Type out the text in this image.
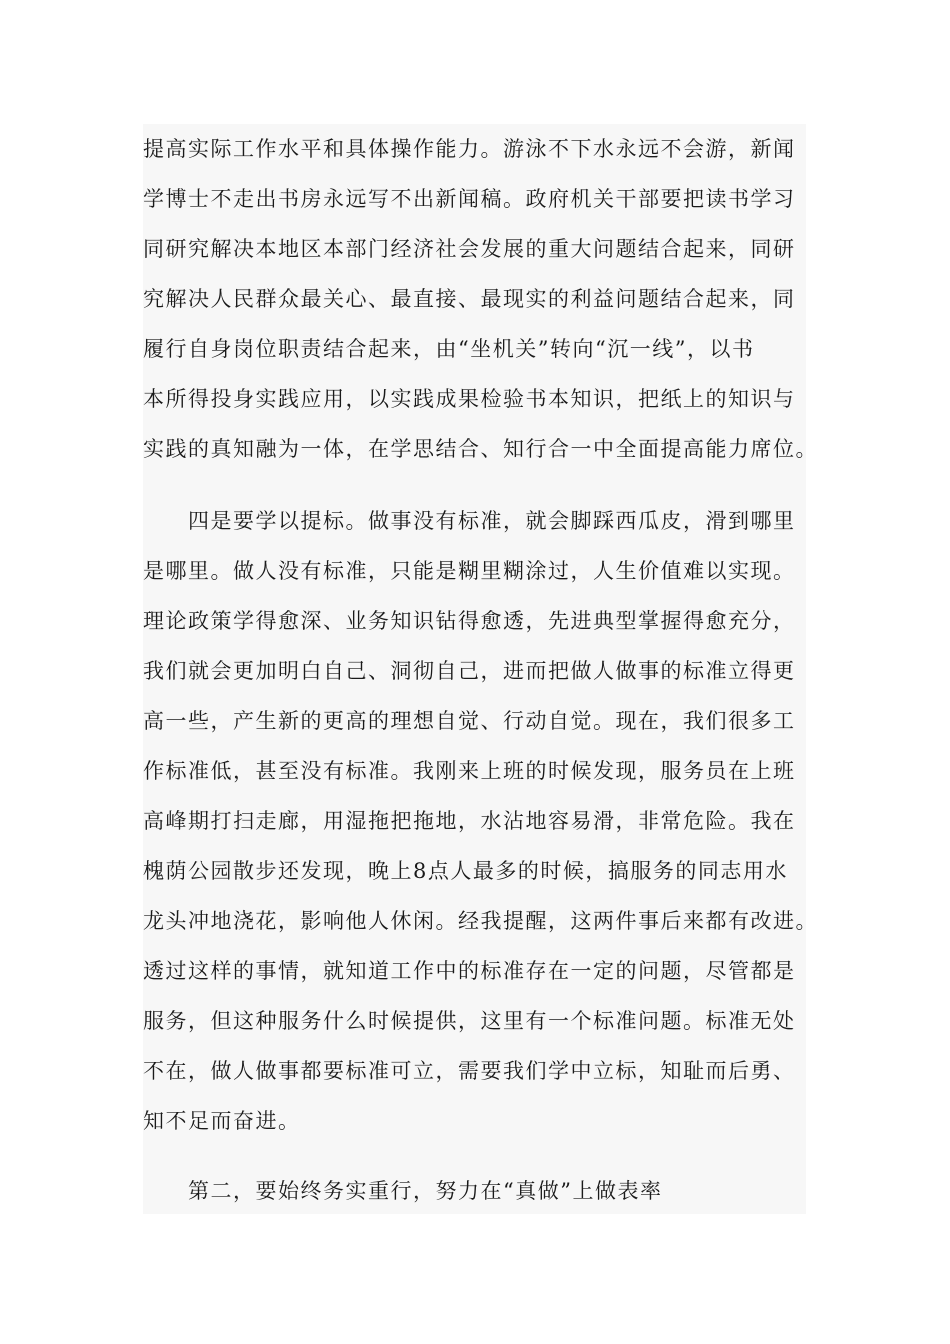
提高实际工作水平和具体操作能力。游泳不下水永远不会游，新闻
学博士不走出书房永远写不出新闻稿。政府机关干部要把读书学习
同研究解决本地区本部门经济社会发展的重大问题结合起来，同研
究解决人民群众最关心、最直接、最现实的利益问题结合起来，同
履行自身岗位职责结合起来，由“坐机关”转向“沉一线”，以书
本所得投身实践应用，以实践成果检验书本知识，把纸上的知识与
实践的真知融为一体，在学思结合、知行合一中全面提高能力席位。
四是要学以提标。做事没有标准，就会脚踩西瓜皮，滑到哪里
是哪里。做人没有标准，只能是糊里糊涂过，人生价值难以实现。
理论政策学得愈深、业务知识钻得愈透，先进典型掌握得愈充分，
我们就会更加明白自己、洞彻自己，进而把做人做事的标准立得更
高一些，产生新的更高的理想自觉、行动自觉。现在，我们很多工
作标准低，甚至没有标准。我刚来上班的时候发现，服务员在上班
高峰期打扫走廊，用湿拖把拖地，水沾地容易滑，非常危险。我在
槐荫公园散步还发现，晚上8点人最多的时候，搞服务的同志用水
龙头冲地浇花，影响他人休闲。经我提醒，这两件事后来都有改进。
透过这样的事情，就知道工作中的标准存在一定的问题，尽管都是
服务，但这种服务什么时候提供，这里有一个标准问题。标准无处
不在，做人做事都要标准可立，需要我们学中立标，知耻而后勇、
知不足而奋进。
第二，要始终务实重行，努力在“真做”上做表率
